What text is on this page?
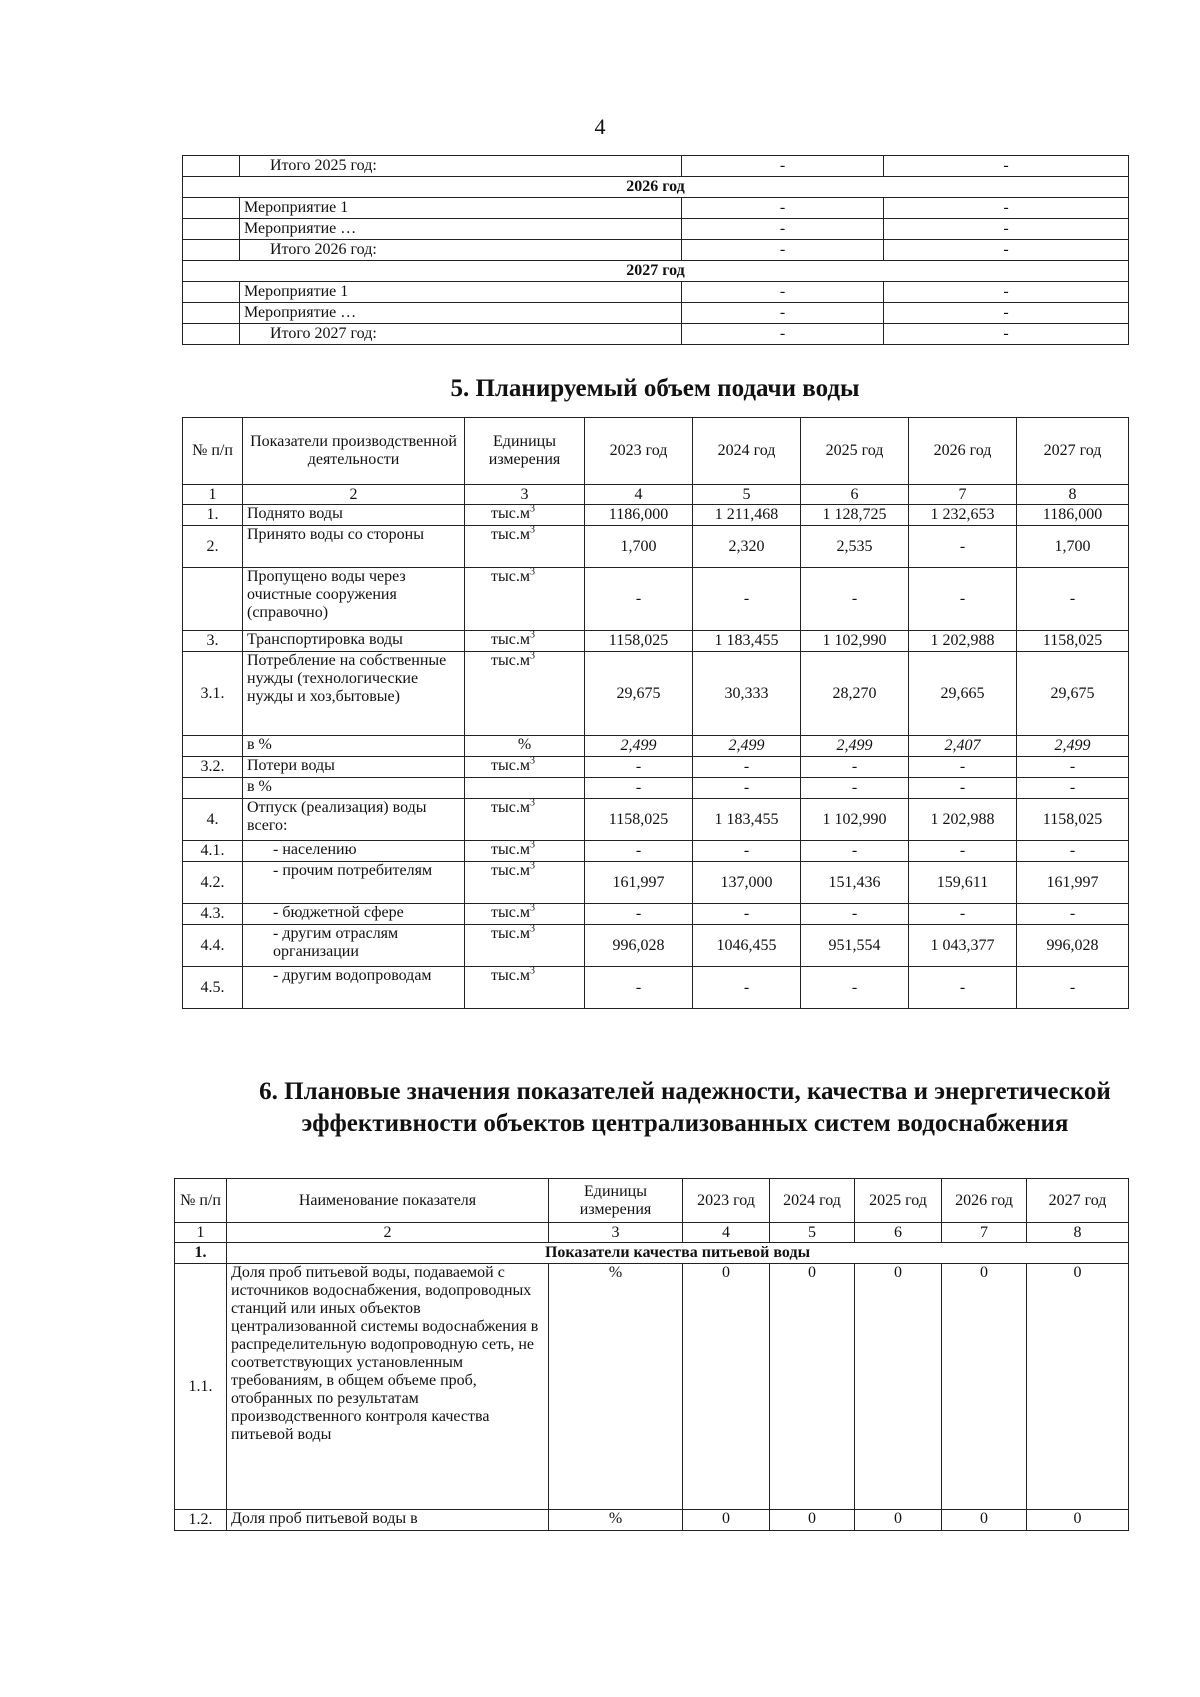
4
	Итого 2025 год:	-	-
2026 год			
	Мероприятие 1	-	-
	Мероприятие …	-	-
	Итого 2026 год:	-	-
2027 год			
	Мероприятие 1	-	-
	Мероприятие …	-	-
	Итого 2027 год:	-	-
5. Планируемый объем подачи воды
№ п/п	Показатели производственной деятельности	Единицы измерения	2023 год	2024 год	2025 год	2026 год	2027 год
1	2	3	4	5	6	7	8
1.	Поднято воды	$тыс.м^3$	1186,000	1 211,468	1 128,725	1 232,653	1186,000
2.	Принято воды со стороны	$тыс.м^3$	1,700	2,320	2,535	-	1,700
	Пропущено воды через очистные сооружения (справочно)	$тыс.м^3$	-	-	-	-	-
3.	Транспортировка воды	$тыс.м^3$	1158,025	1 183,455	1 102,990	1 202,988	1158,025
3.1.	Потребление на собственные нужды (технологические нужды и хоз,бытовые)	$тыс.м^3$	29,675	30,333	28,270	29,665	29,675
	в %	%	2,499	2,499	2,499	2,407	2,499
3.2.	Потери воды	$тыс.м^3$	-	-	-	-	-
	в %		-	-	-	-	-
4.	Отпуск (реализация) воды всего:	$тыс.м^3$	1158,025	1 183,455	1 102,990	1 202,988	1158,025
4.1.	- населению	$тыс.м^3$	-	-	-	-	-
4.2.	- прочим потребителям	$тыс.м^3$	161,997	137,000	151,436	159,611	161,997
4.3.	- бюджетной сфере	$тыс.м^3$	-	-	-	-	-
4.4.	- другим отраслям организации	$тыс.м^3$	996,028	1046,455	951,554	1 043,377	996,028
4.5.	- другим водопроводам	$тыс.м^3$	-	-	-	-	-
6. Плановые значения показателей надежности, качества и энергетической эффективности объектов централизованных систем водоснабжения
№ п/п	Наименование показателя	Единицы измерения	2023 год	2024 год	2025 год	2026 год	2027 год
1	2	3	4	5	6	7	8
1.	Показатели качества питьевой воды						
1.1.	Доля проб питьевой воды, подаваемой с источников водоснабжения, водопроводных станций или иных объектов централизованной системы водоснабжения в распределительную водопроводную сеть, не соответствующих установленным требованиям, в общем объеме проб, отобранных по результатам производственного контроля качества питьевой воды	%	0	0	0	0	0
1.2.	Доля проб питьевой воды в	%	0	0	0	0	0
